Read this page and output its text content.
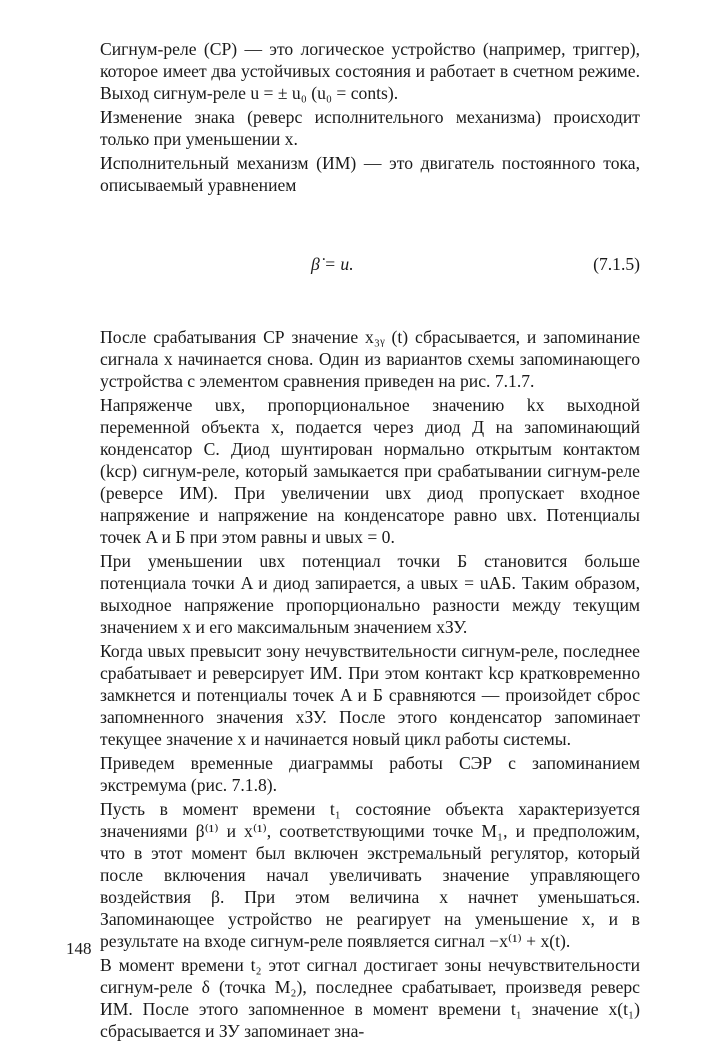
Сигнум-реле (СР) — это логическое устройство (например, триггер), которое имеет два устойчивых состояния и работает в счетном режиме. Выход сигнум-реле u = ± u₀ (u₀ = conts).

Изменение знака (реверс исполнительного механизма) происходит только при уменьшении x.

Исполнительный механизм (ИМ) — это двигатель постоянного тока, описываемый уравнением

β̇ = u.	(7.1.5)

После срабатывания СР значение x₃ᵧ (t) сбрасывается, и запоминание сигнала x начинается снова. Один из вариантов схемы запоминающего устройства с элементом сравнения приведен на рис. 7.1.7.

Напряженче uвх, пропорциональное значению kx выходной переменной объекта x, подается через диод Д на запоминающий конденсатор C. Диод шунтирован нормально открытым контактом (kср) сигнум-реле, который замыкается при срабатывании сигнум-реле (реверсе ИМ). При увеличении uвх диод пропускает входное напряжение и напряжение на конденсаторе равно uвх. Потенциалы точек A и Б при этом равны и uвых = 0.

При уменьшении uвх потенциал точки Б становится больше потенциала точки A и диод запирается, а uвых = uAБ. Таким образом, выходное напряжение пропорционально разности между текущим значением x и его максимальным значением xЗУ.

Когда uвых превысит зону нечувствительности сигнум-реле, последнее срабатывает и реверсирует ИМ. При этом контакт kср кратковременно замкнется и потенциалы точек A и Б сравняются — произойдет сброс запомненного значения xЗУ. После этого конденсатор запоминает текущее значение x и начинается новый цикл работы системы.

Приведем временные диаграммы работы СЭР с запоминанием экстремума (рис. 7.1.8).

Пусть в момент времени t₁ состояние объекта характеризуется значениями β⁽¹⁾ и x⁽¹⁾, соответствующими точке M₁, и предположим, что в этот момент был включен экстремальный регулятор, который после включения начал увеличивать значение управляющего воздействия β. При этом величина x начнет уменьшаться. Запоминающее устройство не реагирует на уменьшение x, и в результате на входе сигнум-реле появляется сигнал −x⁽¹⁾ + x(t).

В момент времени t₂ этот сигнал достигает зоны нечувствительности сигнум-реле δ (точка M₂), последнее срабатывает, произведя реверс ИМ. После этого запомненное в момент времени t₁ значение x(t₁) сбрасывается и ЗУ запоминает зна-

148
